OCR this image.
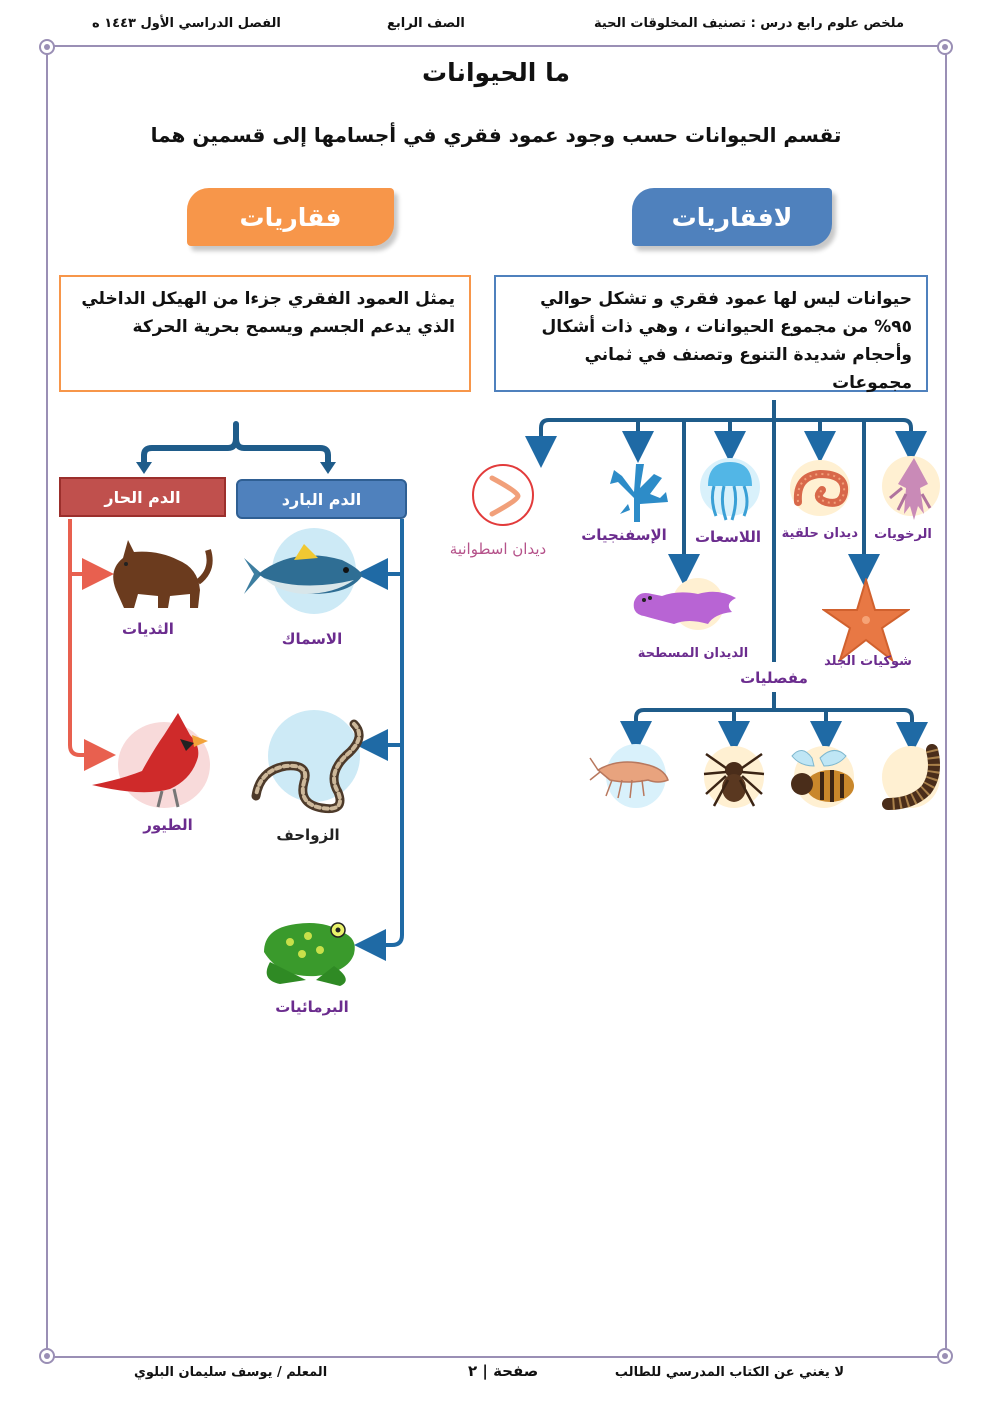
ملخص علوم رابع درس : تصنيف المخلوقات الحية
الصف الرابع
الفصل الدراسي الأول ١٤٤٣ ه
ما الحيوانات
تقسم الحيوانات حسب وجود عمود فقري في أجسامها إلى قسمين هما
فقاريات	لافقاريات
يمثل العمود الفقري جزءا من الهيكل الداخلي الذي يدعم الجسم ويسمح بحرية الحركة
حيوانات ليس لها عمود فقري و تشكل حوالي ٩٥% من مجموع الحيوانات ، وهي ذات أشكال وأحجام شديدة التنوع وتصنف في ثماني مجموعات
الدم الحار	الدم البارد
الثديات
الطيور
الاسماك
الزواحف
البرمائيات
الرخويات
ديدان حلقية
اللاسعات
الإسفنجيات
ديدان اسطوانية
شوكيات الجلد
الديدان المسطحة
مفصليات
لا يغني عن الكتاب المدرسي للطالب
صفحة | ٢
المعلم / يوسف سليمان البلوي
